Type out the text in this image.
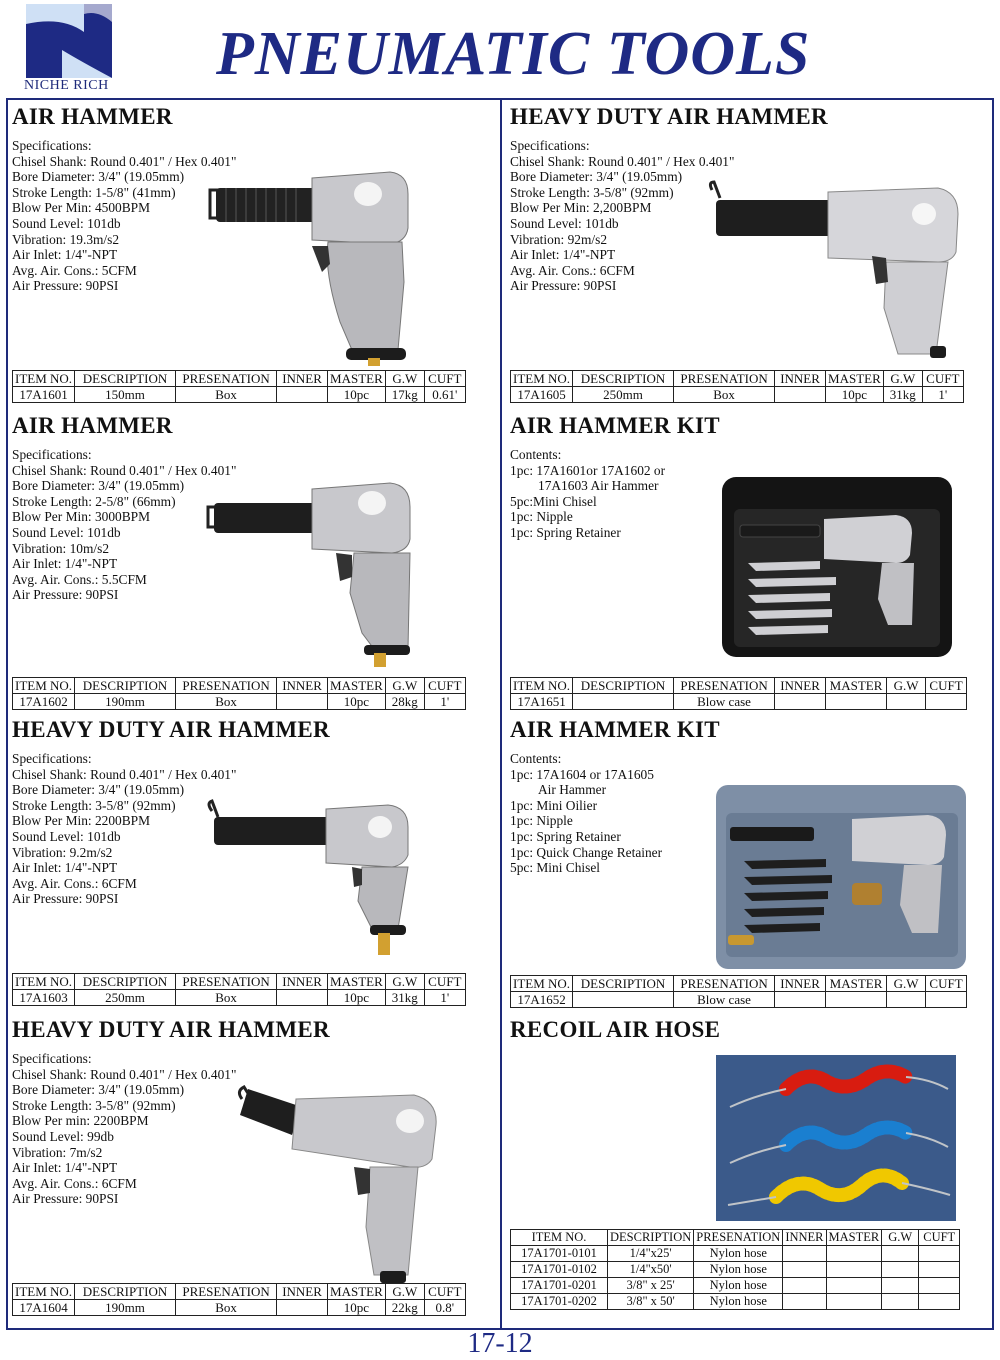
NICHE RICH PNEUMATIC TOOLS
AIR HAMMER
Specifications:
Chisel Shank: Round 0.401" / Hex 0.401"
Bore Diameter: 3/4" (19.05mm)
Stroke Length: 1-5/8" (41mm)
Blow Per Min: 4500BPM
Sound Level: 101db
Vibration: 19.3m/s2
Air Inlet: 1/4"-NPT
Avg. Air. Cons.: 5CFM
Air Pressure: 90PSI
ITEM NO.	DESCRIPTION	PRESENATION	INNER	MASTER	G.W	CUFT
17A1601	150mm	Box		10pc	17kg	0.61'
HEAVY DUTY AIR HAMMER
Specifications:
Chisel Shank: Round 0.401" / Hex 0.401"
Bore Diameter: 3/4" (19.05mm)
Stroke Length: 3-5/8" (92mm)
Blow Per Min: 2,200BPM
Sound Level: 101db
Vibration: 92m/s2
Air Inlet: 1/4"-NPT
Avg. Air. Cons.: 6CFM
Air Pressure: 90PSI
ITEM NO.	DESCRIPTION	PRESENATION	INNER	MASTER	G.W	CUFT
17A1605	250mm	Box		10pc	31kg	1'
AIR HAMMER
Specifications:
Chisel Shank: Round 0.401" / Hex 0.401"
Bore Diameter: 3/4" (19.05mm)
Stroke Length: 2-5/8" (66mm)
Blow Per Min: 3000BPM
Sound Level: 101db
Vibration: 10m/s2
Air Inlet: 1/4"-NPT
Avg. Air. Cons.: 5.5CFM
Air Pressure: 90PSI
ITEM NO.	DESCRIPTION	PRESENATION	INNER	MASTER	G.W	CUFT
17A1602	190mm	Box		10pc	28kg	1'
AIR HAMMER KIT
Contents:
1pc: 17A1601or 17A1602 or
17A1603 Air Hammer
5pc:Mini Chisel
1pc: Nipple
1pc: Spring Retainer
ITEM NO.	DESCRIPTION	PRESENATION	INNER	MASTER	G.W	CUFT
17A1651		Blow case				
HEAVY DUTY AIR HAMMER
Specifications:
Chisel Shank: Round 0.401" / Hex 0.401"
Bore Diameter: 3/4" (19.05mm)
Stroke Length: 3-5/8" (92mm)
Blow Per Min: 2200BPM
Sound Level: 101db
Vibration: 9.2m/s2
Air Inlet: 1/4"-NPT
Avg. Air. Cons.: 6CFM
Air Pressure: 90PSI
ITEM NO.	DESCRIPTION	PRESENATION	INNER	MASTER	G.W	CUFT
17A1603	250mm	Box		10pc	31kg	1'
AIR HAMMER KIT
Contents:
1pc: 17A1604 or 17A1605
Air Hammer
1pc: Mini Oilier
1pc: Nipple
1pc: Spring Retainer
1pc: Quick Change Retainer
5pc: Mini Chisel
ITEM NO.	DESCRIPTION	PRESENATION	INNER	MASTER	G.W	CUFT
17A1652		Blow case				
HEAVY DUTY AIR HAMMER
Specifications:
Chisel Shank: Round 0.401" / Hex 0.401"
Bore Diameter: 3/4" (19.05mm)
Stroke Length: 3-5/8" (92mm)
Blow Per min: 2200BPM
Sound Level: 99db
Vibration: 7m/s2
Air Inlet: 1/4"-NPT
Avg. Air. Cons.: 6CFM
Air Pressure: 90PSI
ITEM NO.	DESCRIPTION	PRESENATION	INNER	MASTER	G.W	CUFT
17A1604	190mm	Box		10pc	22kg	0.8'
RECOIL AIR HOSE
ITEM NO.	DESCRIPTION	PRESENATION	INNER	MASTER	G.W	CUFT
17A1701-0101	1/4"x25'	Nylon hose				
17A1701-0102	1/4"x50'	Nylon hose				
17A1701-0201	3/8" x 25'	Nylon hose				
17A1701-0202	3/8" x 50'	Nylon hose				
17-12
